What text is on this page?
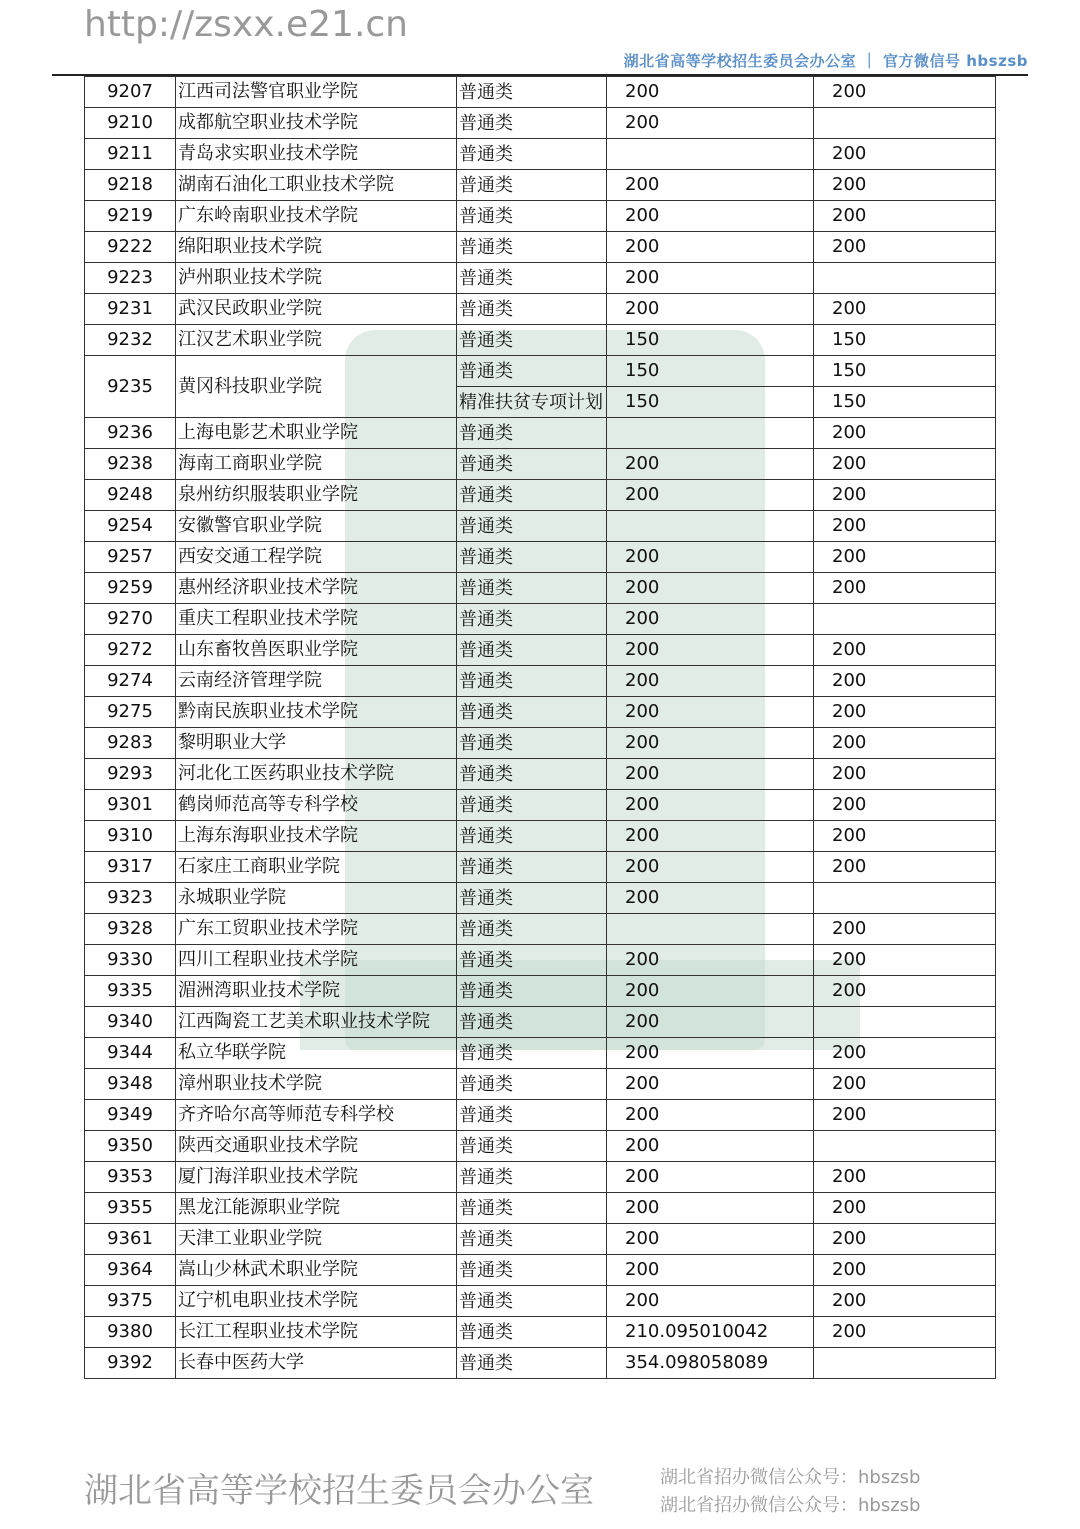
http://zsxx.e21.cn
湖北省高等学校招生委员会办公室 ｜ 官方微信号 hbszsb
9207	江西司法警官职业学院	普通类	200	200
9210	成都航空职业技术学院	普通类	200	
9211	青岛求实职业技术学院	普通类		200
9218	湖南石油化工职业技术学院	普通类	200	200
9219	广东岭南职业技术学院	普通类	200	200
9222	绵阳职业技术学院	普通类	200	200
9223	泸州职业技术学院	普通类	200	
9231	武汉民政职业学院	普通类	200	200
9232	江汉艺术职业学院	普通类	150	150
9235	黄冈科技职业学院	普通类	150	150
		精准扶贫专项计划	150	150
9236	上海电影艺术职业学院	普通类		200
9238	海南工商职业学院	普通类	200	200
9248	泉州纺织服装职业学院	普通类	200	200
9254	安徽警官职业学院	普通类		200
9257	西安交通工程学院	普通类	200	200
9259	惠州经济职业技术学院	普通类	200	200
9270	重庆工程职业技术学院	普通类	200	
9272	山东畜牧兽医职业学院	普通类	200	200
9274	云南经济管理学院	普通类	200	200
9275	黔南民族职业技术学院	普通类	200	200
9283	黎明职业大学	普通类	200	200
9293	河北化工医药职业技术学院	普通类	200	200
9301	鹤岗师范高等专科学校	普通类	200	200
9310	上海东海职业技术学院	普通类	200	200
9317	石家庄工商职业学院	普通类	200	200
9323	永城职业学院	普通类	200	
9328	广东工贸职业技术学院	普通类		200
9330	四川工程职业技术学院	普通类	200	200
9335	湄洲湾职业技术学院	普通类	200	200
9340	江西陶瓷工艺美术职业技术学院	普通类	200	
9344	私立华联学院	普通类	200	200
9348	漳州职业技术学院	普通类	200	200
9349	齐齐哈尔高等师范专科学校	普通类	200	200
9350	陕西交通职业技术学院	普通类	200	
9353	厦门海洋职业技术学院	普通类	200	200
9355	黑龙江能源职业学院	普通类	200	200
9361	天津工业职业学院	普通类	200	200
9364	嵩山少林武术职业学院	普通类	200	200
9375	辽宁机电职业技术学院	普通类	200	200
9380	长江工程职业技术学院	普通类	210.095010042	200
9392	长春中医药大学	普通类	354.098058089	
湖北省高等学校招生委员会办公室	湖北省招办微信公众号：hbszsb
湖北省招办微信公众号：hbszsb
